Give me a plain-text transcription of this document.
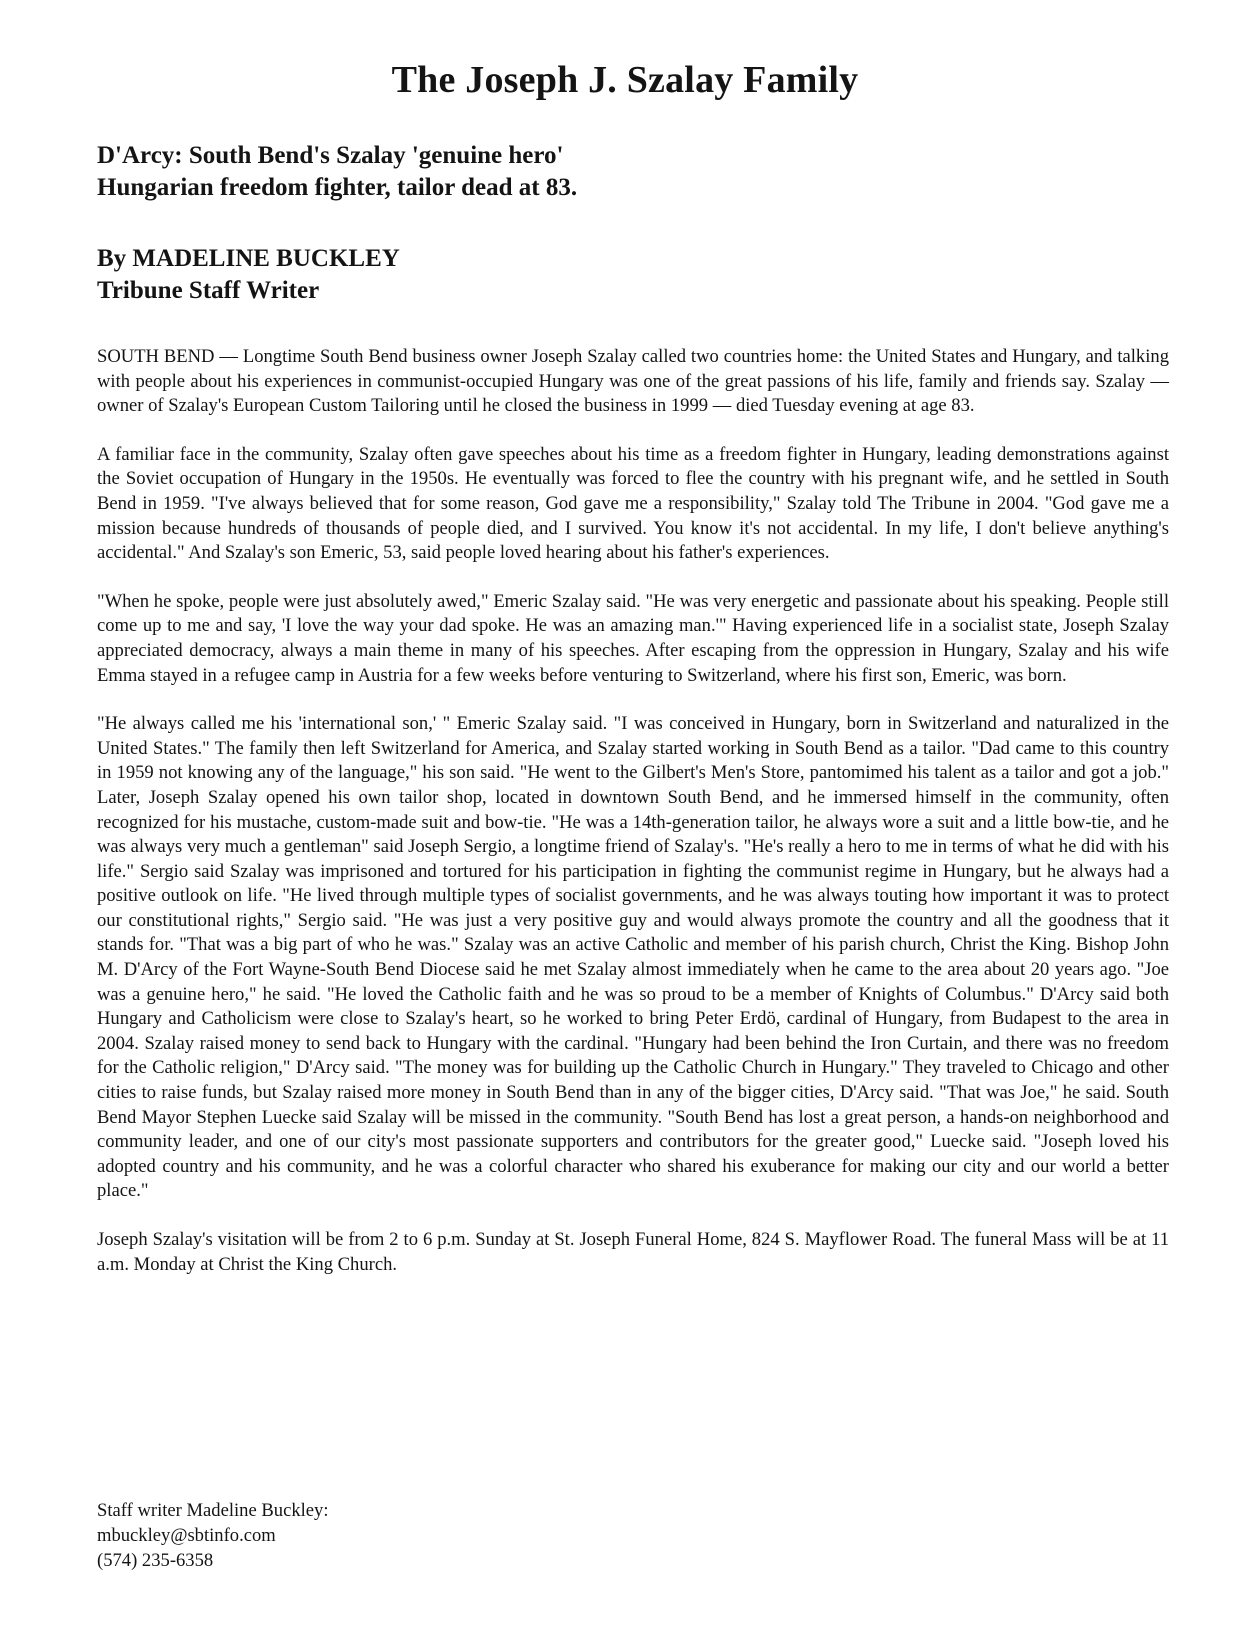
The Joseph J. Szalay Family
D'Arcy: South Bend's Szalay 'genuine hero'
Hungarian freedom fighter, tailor dead at 83.
By MADELINE BUCKLEY
Tribune Staff Writer

SOUTH BEND — Longtime South Bend business owner Joseph Szalay called two countries home: the United States and Hungary, and talking with people about his experiences in communist-occupied Hungary was one of the great passions of his life, family and friends say. Szalay — owner of Szalay's European Custom Tailoring until he closed the business in 1999 — died Tuesday evening at age 83.

A familiar face in the community, Szalay often gave speeches about his time as a freedom fighter in Hungary, leading demonstrations against the Soviet occupation of Hungary in the 1950s. He eventually was forced to flee the country with his pregnant wife, and he settled in South Bend in 1959. "I've always believed that for some reason, God gave me a responsibility," Szalay told The Tribune in 2004. "God gave me a mission because hundreds of thousands of people died, and I survived. You know it's not accidental. In my life, I don't believe anything's accidental." And Szalay's son Emeric, 53, said people loved hearing about his father's experiences.

"When he spoke, people were just absolutely awed," Emeric Szalay said. "He was very energetic and passionate about his speaking. People still come up to me and say, 'I love the way your dad spoke. He was an amazing man.'" Having experienced life in a socialist state, Joseph Szalay appreciated democracy, always a main theme in many of his speeches. After escaping from the oppression in Hungary, Szalay and his wife Emma stayed in a refugee camp in Austria for a few weeks before venturing to Switzerland, where his first son, Emeric, was born.

"He always called me his 'international son,' " Emeric Szalay said. "I was conceived in Hungary, born in Switzerland and naturalized in the United States." The family then left Switzerland for America, and Szalay started working in South Bend as a tailor. "Dad came to this country in 1959 not knowing any of the language," his son said. "He went to the Gilbert's Men's Store, pantomimed his talent as a tailor and got a job." Later, Joseph Szalay opened his own tailor shop, located in downtown South Bend, and he immersed himself in the community, often recognized for his mustache, custom-made suit and bow-tie. "He was a 14th-generation tailor, he always wore a suit and a little bow-tie, and he was always very much a gentleman" said Joseph Sergio, a longtime friend of Szalay's. "He's really a hero to me in terms of what he did with his life." Sergio said Szalay was imprisoned and tortured for his participation in fighting the communist regime in Hungary, but he always had a positive outlook on life. "He lived through multiple types of socialist governments, and he was always touting how important it was to protect our constitutional rights," Sergio said. "He was just a very positive guy and would always promote the country and all the goodness that it stands for. "That was a big part of who he was." Szalay was an active Catholic and member of his parish church, Christ the King. Bishop John M. D'Arcy of the Fort Wayne-South Bend Diocese said he met Szalay almost immediately when he came to the area about 20 years ago. "Joe was a genuine hero," he said. "He loved the Catholic faith and he was so proud to be a member of Knights of Columbus." D'Arcy said both Hungary and Catholicism were close to Szalay's heart, so he worked to bring Peter Erdö, cardinal of Hungary, from Budapest to the area in 2004. Szalay raised money to send back to Hungary with the cardinal. "Hungary had been behind the Iron Curtain, and there was no freedom for the Catholic religion," D'Arcy said. "The money was for building up the Catholic Church in Hungary." They traveled to Chicago and other cities to raise funds, but Szalay raised more money in South Bend than in any of the bigger cities, D'Arcy said. "That was Joe," he said. South Bend Mayor Stephen Luecke said Szalay will be missed in the community. "South Bend has lost a great person, a hands-on neighborhood and community leader, and one of our city's most passionate supporters and contributors for the greater good," Luecke said. "Joseph loved his adopted country and his community, and he was a colorful character who shared his exuberance for making our city and our world a better place."

Joseph Szalay's visitation will be from 2 to 6 p.m. Sunday at St. Joseph Funeral Home, 824 S. Mayflower Road. The funeral Mass will be at 11 a.m. Monday at Christ the King Church.

Staff writer Madeline Buckley:
mbuckley@sbtinfo.com
(574) 235-6358
